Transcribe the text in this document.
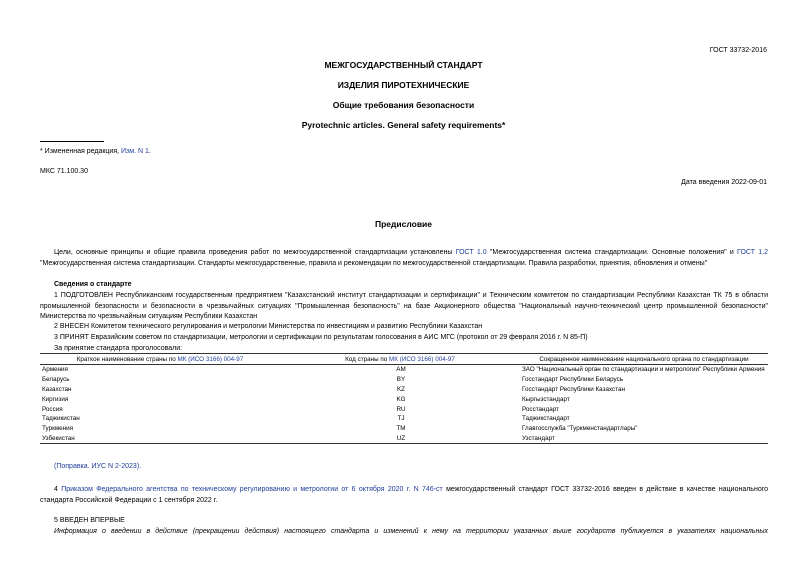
ГОСТ 33732-2016
МЕЖГОСУДАРСТВЕННЫЙ СТАНДАРТ
ИЗДЕЛИЯ ПИРОТЕХНИЧЕСКИЕ
Общие требования безопасности
Pyrotechnic articles. General safety requirements*
* Измененная редакция, Изм. N 1.
МКС 71.100.30
Дата введения 2022-09-01
Предисловие

Цели, основные принципы и общие правила проведения работ по межгосударственной стандартизации установлены ГОСТ 1.0 "Межгосударственная система стандартизации. Основные положения" и ГОСТ 1.2 "Межгосударственная система стандартизации. Стандарты межгосударственные, правила и рекомендации по межгосударственной стандартизации. Правила разработки, принятия, обновления и отмены"

Сведения о стандарте

1 ПОДГОТОВЛЕН Республиканским государственным предприятием "Казахстанский институт стандартизации и сертификации" и Техническим комитетом по стандартизации Республики Казахстан ТК 75 в области промышленной безопасности и безопасности в чрезвычайных ситуациях "Промышленная безопасность" на базе Акционерного общества "Национальный научно-технический центр промышленной безопасности" Министерства по чрезвычайным ситуациям Республики Казахстан

2 ВНЕСЕН Комитетом технического регулирования и метрологии Министерства по инвестициям и развитию Республики Казахстан

3 ПРИНЯТ Евразийским советом по стандартизации, метрологии и сертификации по результатам голосования в АИС МГС (протокол от 29 февраля 2016 г. N 85-П)

За принятие стандарта проголосовали:

Краткое наименование страны по МК (ИСО 3166) 004-97	Код страны по МК (ИСО 3166) 004-97	Сокращенное наименование национального органа по стандартизации
Армения	AM	ЗАО "Национальный орган по стандартизации и метрологии" Республики Армения
Беларусь	BY	Госстандарт Республики Беларусь
Казахстан	KZ	Госстандарт Республики Казахстан
Киргизия	KG	Кыргызстандарт
Россия	RU	Росстандарт
Таджикистан	TJ	Таджикстандарт
Туркмения	TM	Главгосслужба "Туркменстандартлары"
Узбекистан	UZ	Узстандарт
(Поправка. ИУС N 2-2023).

4 Приказом Федерального агентства по техническому регулированию и метрологии от 6 октября 2020 г. N 746-ст межгосударственный стандарт ГОСТ 33732-2016 введен в действие в качестве национального стандарта Российской Федерации с 1 сентября 2022 г.

5 ВВЕДЕН ВПЕРВЫЕ

Информация о введении в действие (прекращении действия) настоящего стандарта и изменений к нему на территории указанных выше государств публикуется в указателях национальных
